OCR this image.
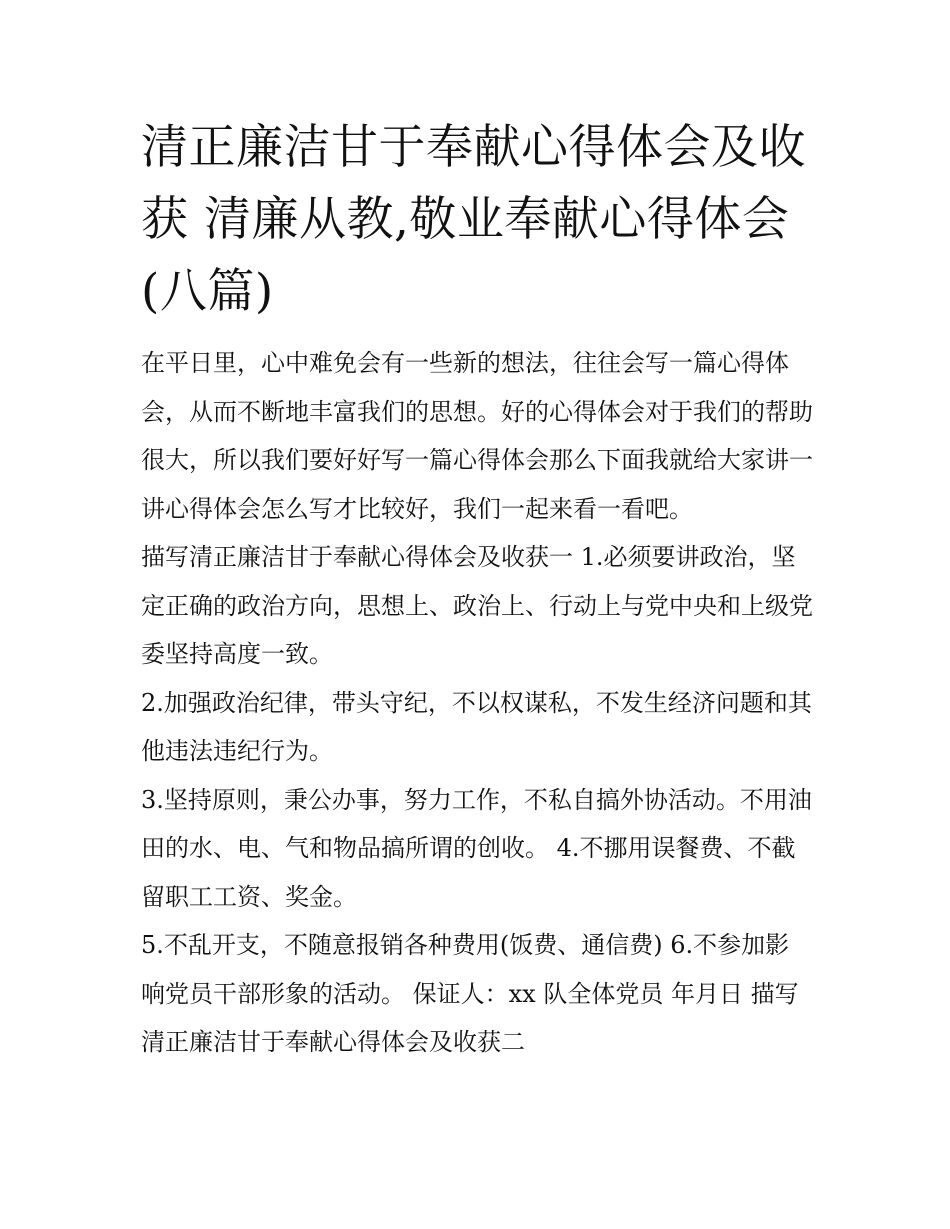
清正廉洁甘于奉献心得体会及收获 清廉从教,敬业奉献心得体会(八篇)

在平日里，心中难免会有一些新的想法，往往会写一篇心得体会，从而不断地丰富我们的思想。好的心得体会对于我们的帮助很大，所以我们要好好写一篇心得体会那么下面我就给大家讲一讲心得体会怎么写才比较好，我们一起来看一看吧。

描写清正廉洁甘于奉献心得体会及收获一 1.必须要讲政治，坚定正确的政治方向，思想上、政治上、行动上与党中央和上级党委坚持高度一致。

2.加强政治纪律，带头守纪，不以权谋私，不发生经济问题和其他违法违纪行为。

3.坚持原则，秉公办事，努力工作，不私自搞外协活动。不用油田的水、电、气和物品搞所谓的创收。 4.不挪用误餐费、不截留职工工资、奖金。

5.不乱开支，不随意报销各种费用(饭费、通信费) 6.不参加影响党员干部形象的活动。 保证人：xx 队全体党员 年月日 描写清正廉洁甘于奉献心得体会及收获二
